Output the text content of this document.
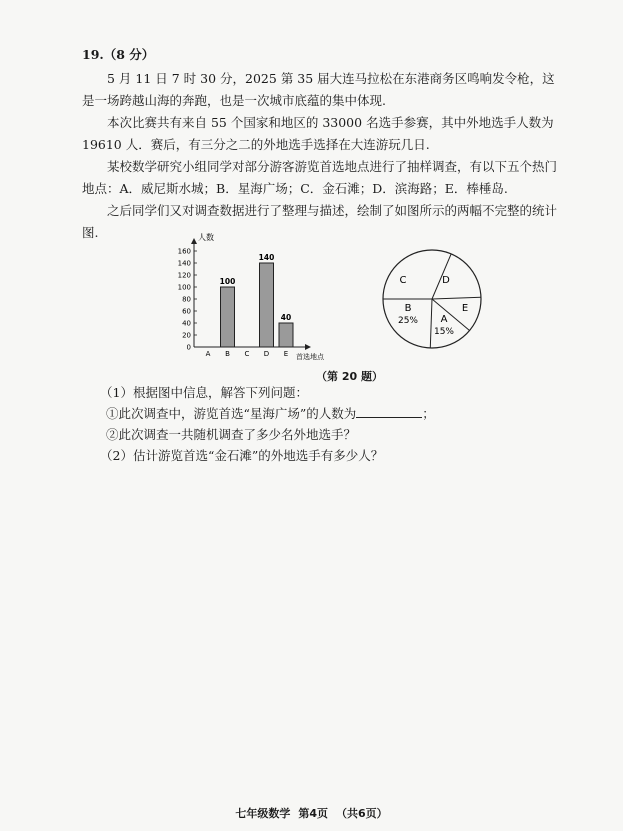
19.（8 分）

5 月 11 日 7 时 30 分，2025 第 35 届大连马拉松在东港商务区鸣响发令枪，这是一场跨越山海的奔跑，也是一次城市底蕴的集中体现.

本次比赛共有来自 55 个国家和地区的 33000 名选手参赛，其中外地选手人数为 19610 人．赛后，有三分之二的外地选手选择在大连游玩几日.

某校数学研究小组同学对部分游客游览首选地点进行了抽样调查，有以下五个热门地点：A．威尼斯水城；B．星海广场；C．金石滩；D．滨海路；E．棒棰岛.

之后同学们又对调查数据进行了整理与描述，绘制了如图所示的两幅不完整的统计图.	人数
首选地点
0
20
40
60
80
100
120
140
160
A B
100
C D
140
E
40
C	D
E
A
15%
B
25%
（第 20 题）

（1）根据图中信息，解答下列问题：

①此次调查中，游览首选“星海广场”的人数为	；

②此次调查一共随机调查了多少名外地选手？

（2）估计游览首选“金石滩”的外地选手有多少人？

七年级数学 第4页 （共6页）
